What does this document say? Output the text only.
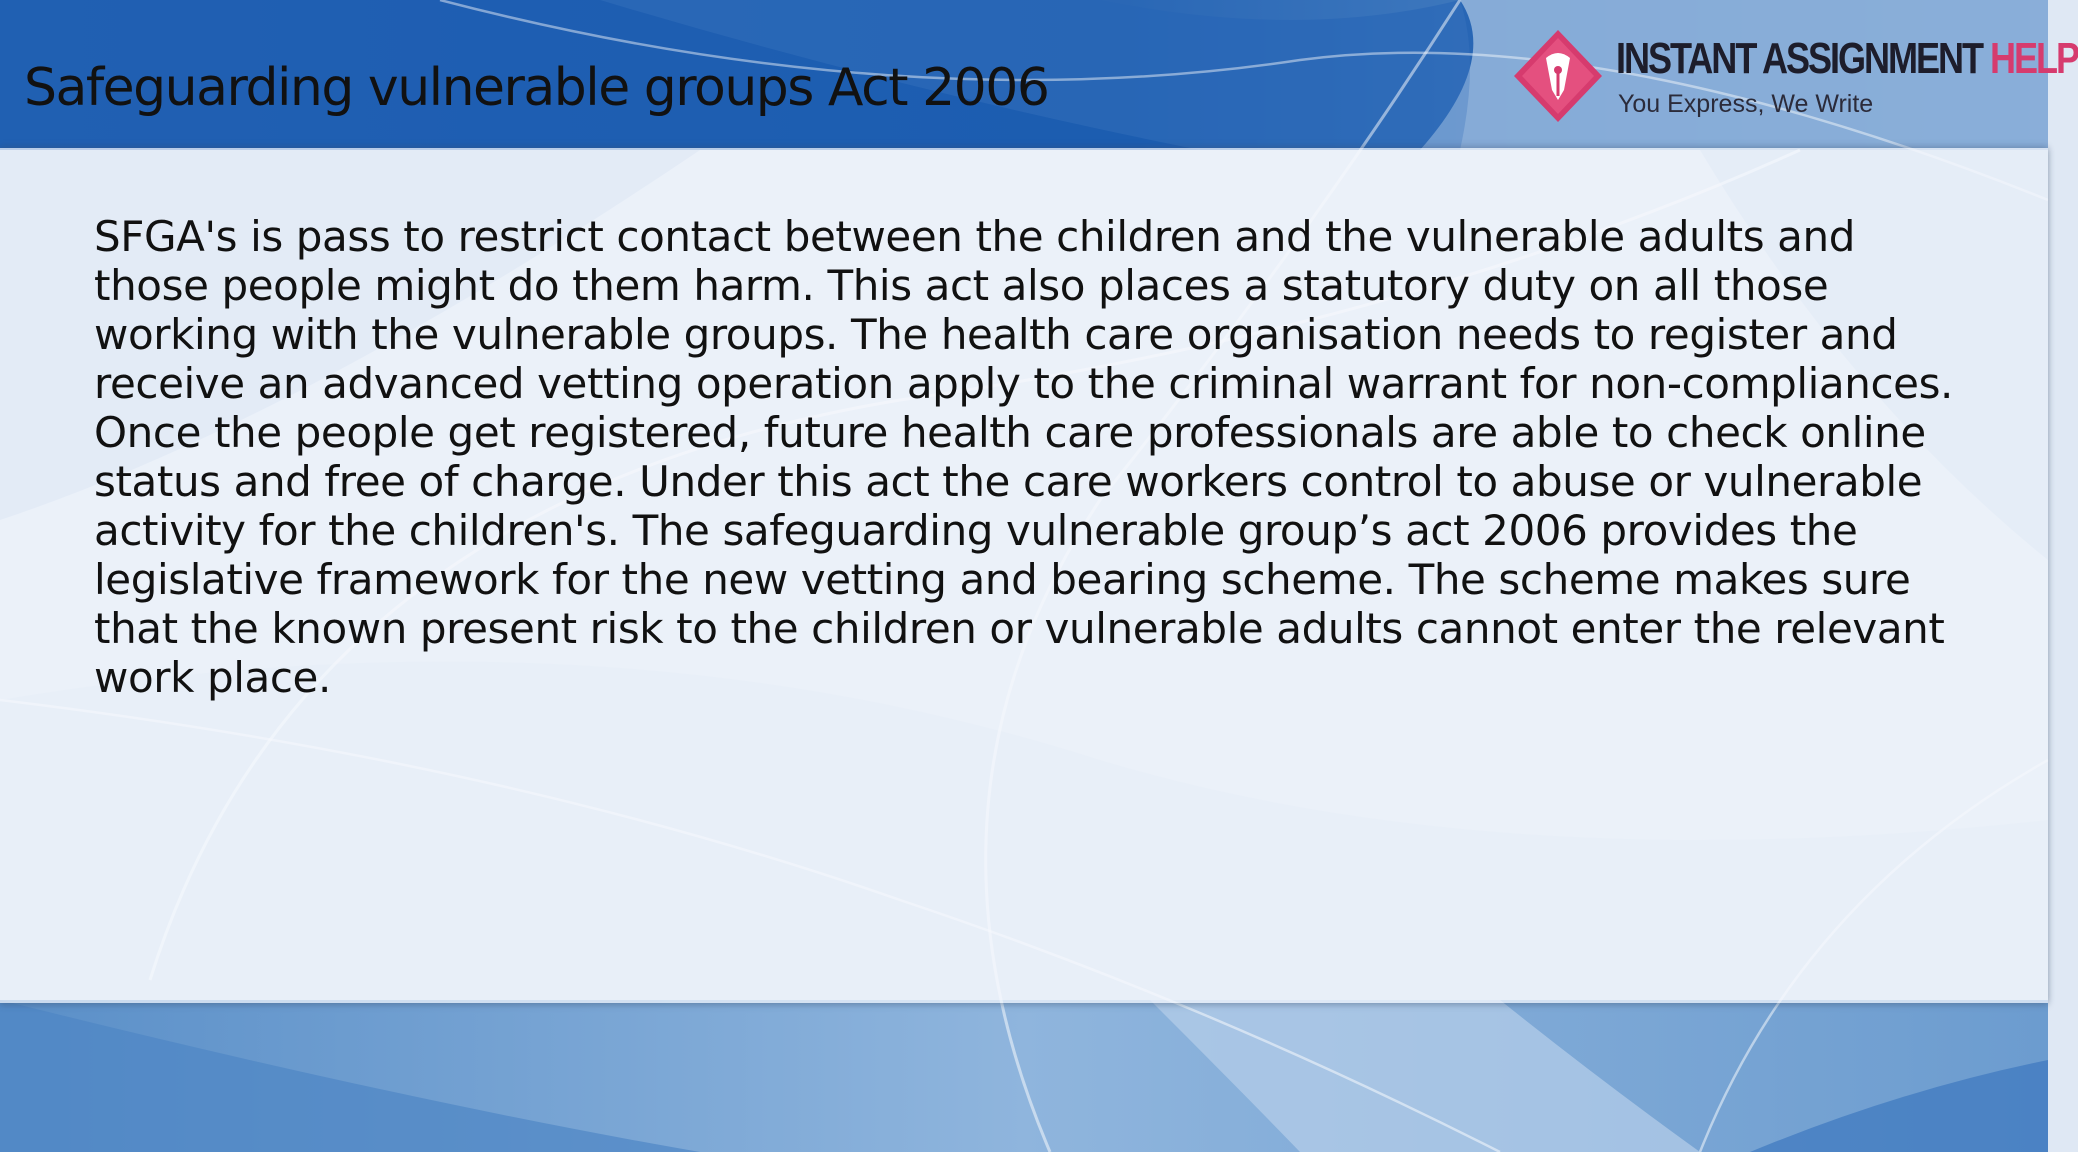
Safeguarding vulnerable groups Act 2006

SFGA's is pass to restrict contact between the children and the vulnerable adults and those people might do them harm. This act also places a statutory duty on all those working with the vulnerable groups. The health care organisation needs to register and receive an advanced vetting operation apply to the criminal warrant for non-compliances. Once the people get registered, future health care professionals are able to check online status and free of charge. Under this act the care workers control to abuse or vulnerable activity for the children's. The safeguarding vulnerable group’s act 2006 provides the legislative framework for the new vetting and bearing scheme. The scheme makes sure that the known present risk to the children or vulnerable adults cannot enter the relevant work place.

INSTANT ASSIGNMENT HELP
You Express, We Write
